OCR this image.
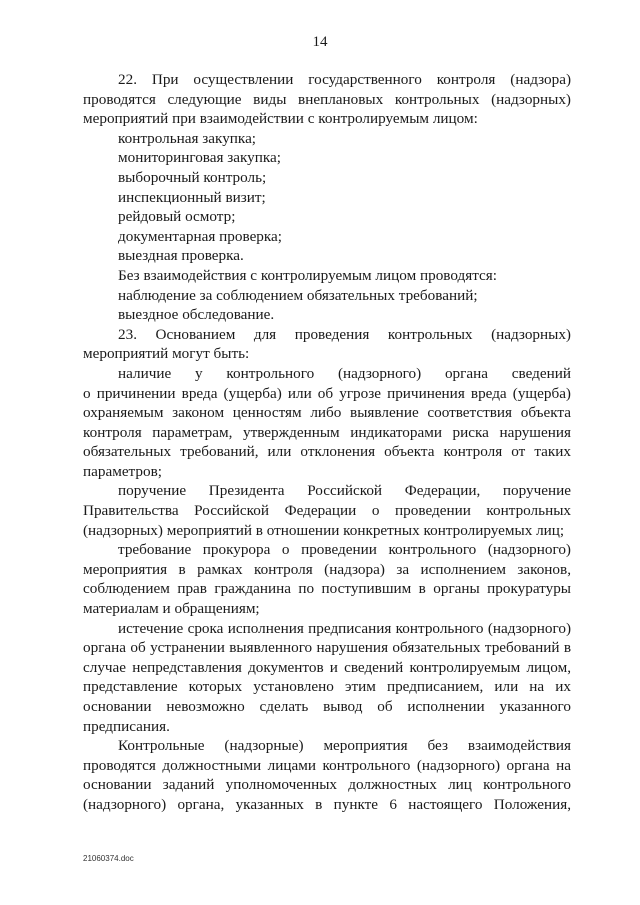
14

22. При осуществлении государственного контроля (надзора)

проводятся следующие виды внеплановых контрольных (надзорных)

мероприятий при взаимодействии с контролируемым лицом:

контрольная закупка;

мониторинговая закупка;

выборочный контроль;

инспекционный визит;

рейдовый осмотр;

документарная проверка;

выездная проверка.

Без взаимодействия с контролируемым лицом проводятся:

наблюдение за соблюдением обязательных требований;

выездное обследование.

23. Основанием для проведения контрольных (надзорных)

мероприятий могут быть:

наличие у контрольного (надзорного) органа сведений

о причинении вреда (ущерба) или об угрозе причинения вреда (ущерба)

охраняемым законом ценностям либо выявление соответствия объекта

контроля параметрам, утвержденным индикаторами риска нарушения

обязательных требований, или отклонения объекта контроля от таких

параметров;

поручение Президента Российской Федерации, поручение

Правительства Российской Федерации о проведении контрольных

(надзорных) мероприятий в отношении конкретных контролируемых лиц;

требование прокурора о проведении контрольного (надзорного)

мероприятия в рамках контроля (надзора) за исполнением законов,

соблюдением прав гражданина по поступившим в органы прокуратуры

материалам и обращениям;

истечение срока исполнения предписания контрольного (надзорного)

органа об устранении выявленного нарушения обязательных требований в

случае непредставления документов и сведений контролируемым лицом,

представление которых установлено этим предписанием, или на их

основании невозможно сделать вывод об исполнении указанного

предписания.

Контрольные (надзорные) мероприятия без взаимодействия

проводятся должностными лицами контрольного (надзорного) органа на

основании заданий уполномоченных должностных лиц контрольного

(надзорного) органа, указанных в пункте 6 настоящего Положения,

21060374.doc
